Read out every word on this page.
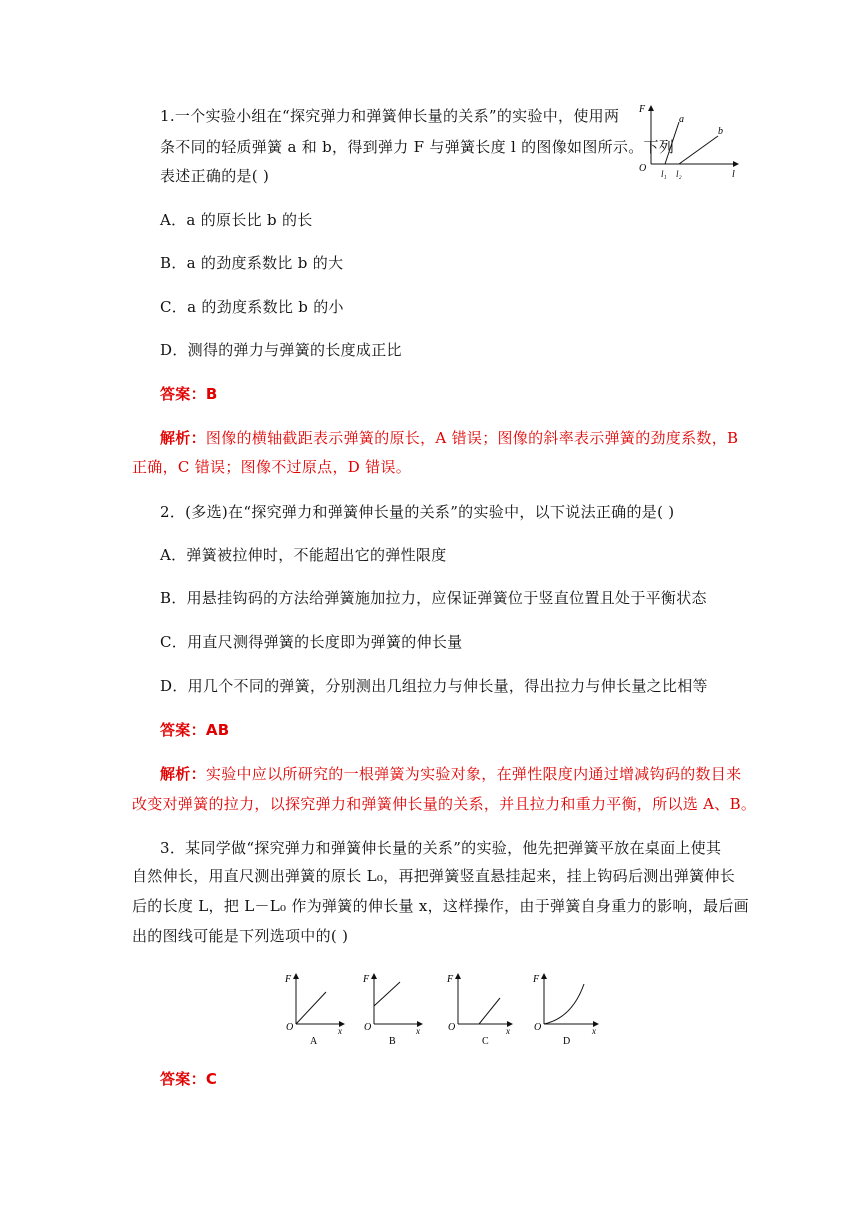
1.一个实验小组在“探究弹力和弹簧伸长量的关系”的实验中，使用两
条不同的轻质弹簧 a 和 b，得到弹力 F 与弹簧长度 l 的图像如图所示。下列
表述正确的是( )
F
O
a
b
l₁ l₂	l
A．a 的原长比 b 的长
B．a 的劲度系数比 b 的大
C．a 的劲度系数比 b 的小
D．测得的弹力与弹簧的长度成正比
答案：B
解析：图像的横轴截距表示弹簧的原长，A 错误；图像的斜率表示弹簧的劲度系数，B
正确，C 错误；图像不过原点，D 错误。
2．(多选)在“探究弹力和弹簧伸长量的关系”的实验中，以下说法正确的是( )
A．弹簧被拉伸时，不能超出它的弹性限度
B．用悬挂钩码的方法给弹簧施加拉力，应保证弹簧位于竖直位置且处于平衡状态
C．用直尺测得弹簧的长度即为弹簧的伸长量
D．用几个不同的弹簧，分别测出几组拉力与伸长量，得出拉力与伸长量之比相等
答案：AB
解析：实验中应以所研究的一根弹簧为实验对象，在弹性限度内通过增减钩码的数目来
改变对弹簧的拉力，以探究弹力和弹簧伸长量的关系，并且拉力和重力平衡，所以选 A、B。
3．某同学做“探究弹力和弹簧伸长量的关系”的实验，他先把弹簧平放在桌面上使其
自然伸长，用直尺测出弹簧的原长 L₀，再把弹簧竖直悬挂起来，挂上钩码后测出弹簧伸长
后的长度 L，把 L－L₀ 作为弹簧的伸长量 x，这样操作，由于弹簧自身重力的影响，最后画
出的图线可能是下列选项中的( )
F
O	x
A
F
O	x
B
F
O	x
C
F
O	x
D
答案：C
